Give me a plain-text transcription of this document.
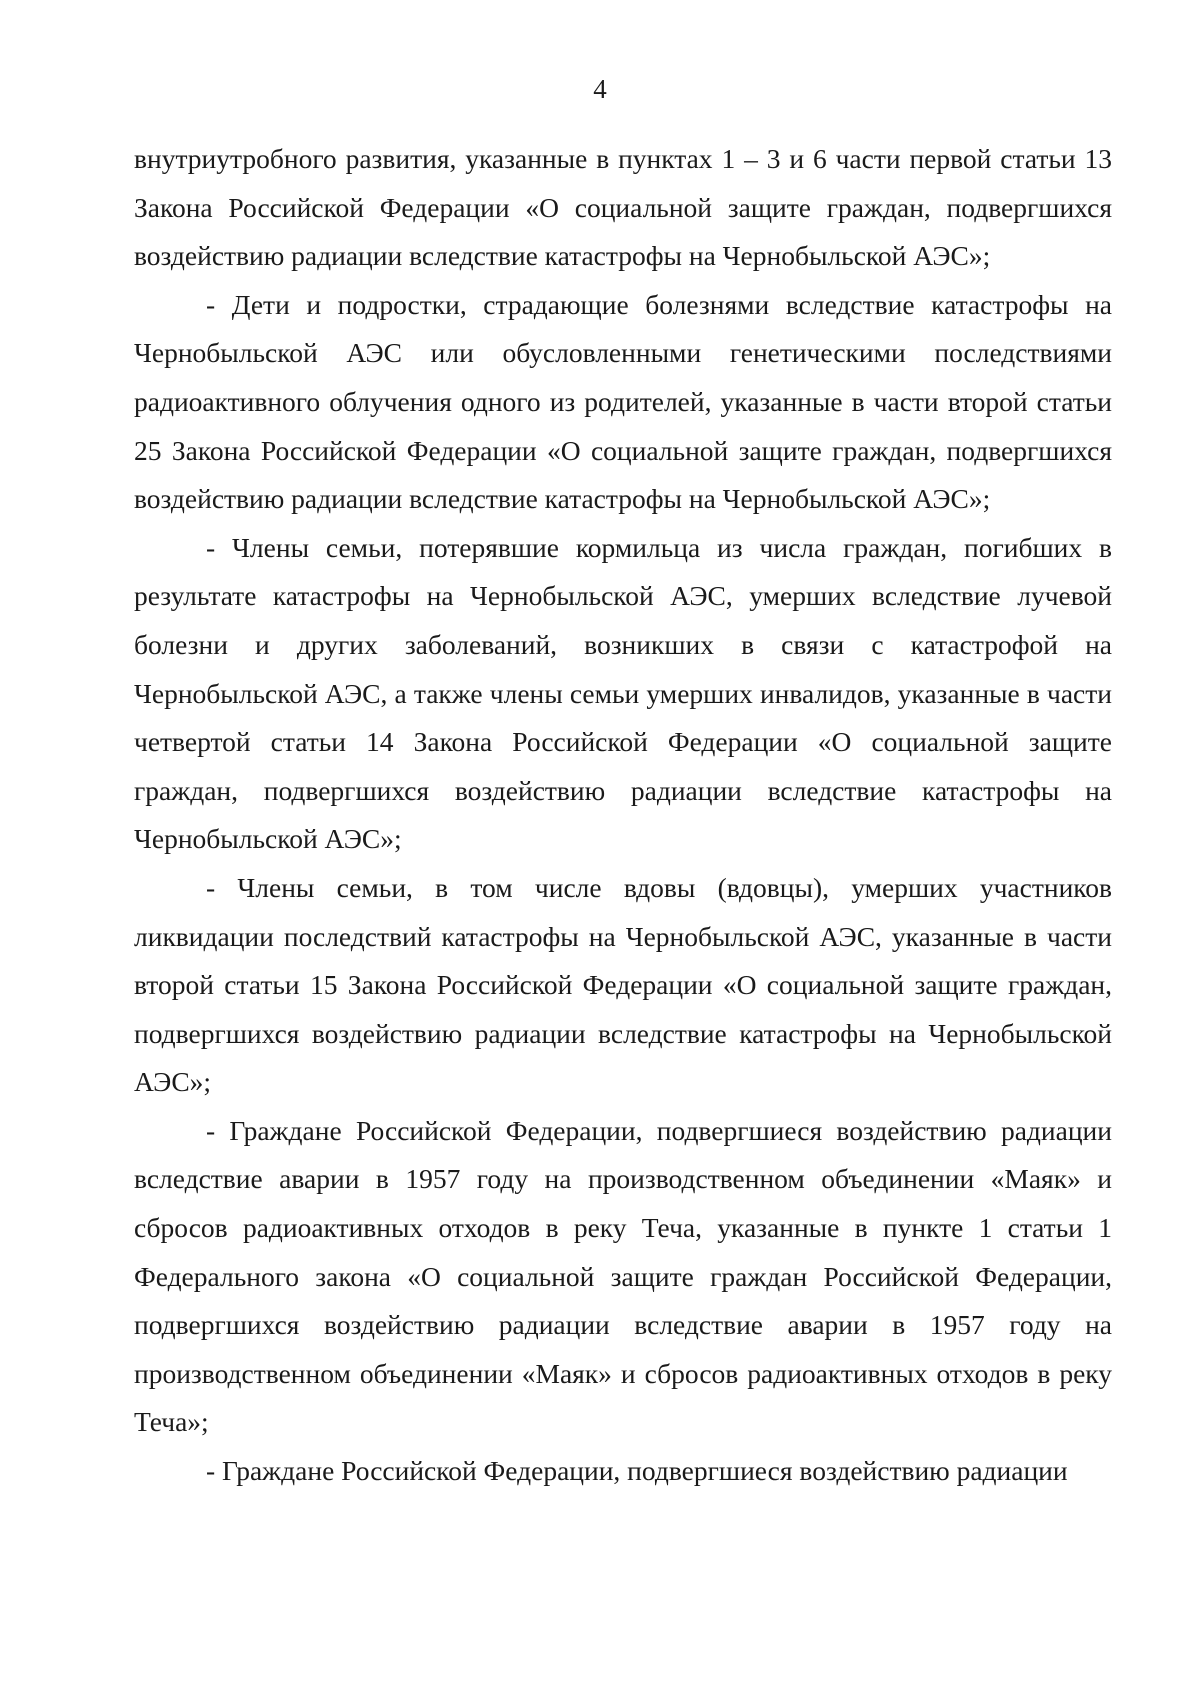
4

внутриутробного развития, указанные в пунктах 1 – 3 и 6 части первой статьи 13 Закона Российской Федерации «О социальной защите граждан, подвергшихся воздействию радиации вследствие катастрофы на Чернобыльской АЭС»;

- Дети и подростки, страдающие болезнями вследствие катастрофы на Чернобыльской АЭС или обусловленными генетическими последствиями радиоактивного облучения одного из родителей, указанные в части второй статьи 25 Закона Российской Федерации «О социальной защите граждан, подвергшихся воздействию радиации вследствие катастрофы на Чернобыльской АЭС»;

- Члены семьи, потерявшие кормильца из числа граждан, погибших в результате катастрофы на Чернобыльской АЭС, умерших вследствие лучевой болезни и других заболеваний, возникших в связи с катастрофой на Чернобыльской АЭС, а также члены семьи умерших инвалидов, указанные в части четвертой статьи 14 Закона Российской Федерации «О социальной защите граждан, подвергшихся воздействию радиации вследствие катастрофы на Чернобыльской АЭС»;

- Члены семьи, в том числе вдовы (вдовцы), умерших участников ликвидации последствий катастрофы на Чернобыльской АЭС, указанные в части второй статьи 15 Закона Российской Федерации «О социальной защите граждан, подвергшихся воздействию радиации вследствие катастрофы на Чернобыльской АЭС»;

- Граждане Российской Федерации, подвергшиеся воздействию радиации вследствие аварии в 1957 году на производственном объединении «Маяк» и сбросов радиоактивных отходов в реку Теча, указанные в пункте 1 статьи 1 Федерального закона «О социальной защите граждан Российской Федерации, подвергшихся воздействию радиации вследствие аварии в 1957 году на производственном объединении «Маяк» и сбросов радиоактивных отходов в реку Теча»;

- Граждане Российской Федерации, подвергшиеся воздействию радиации
